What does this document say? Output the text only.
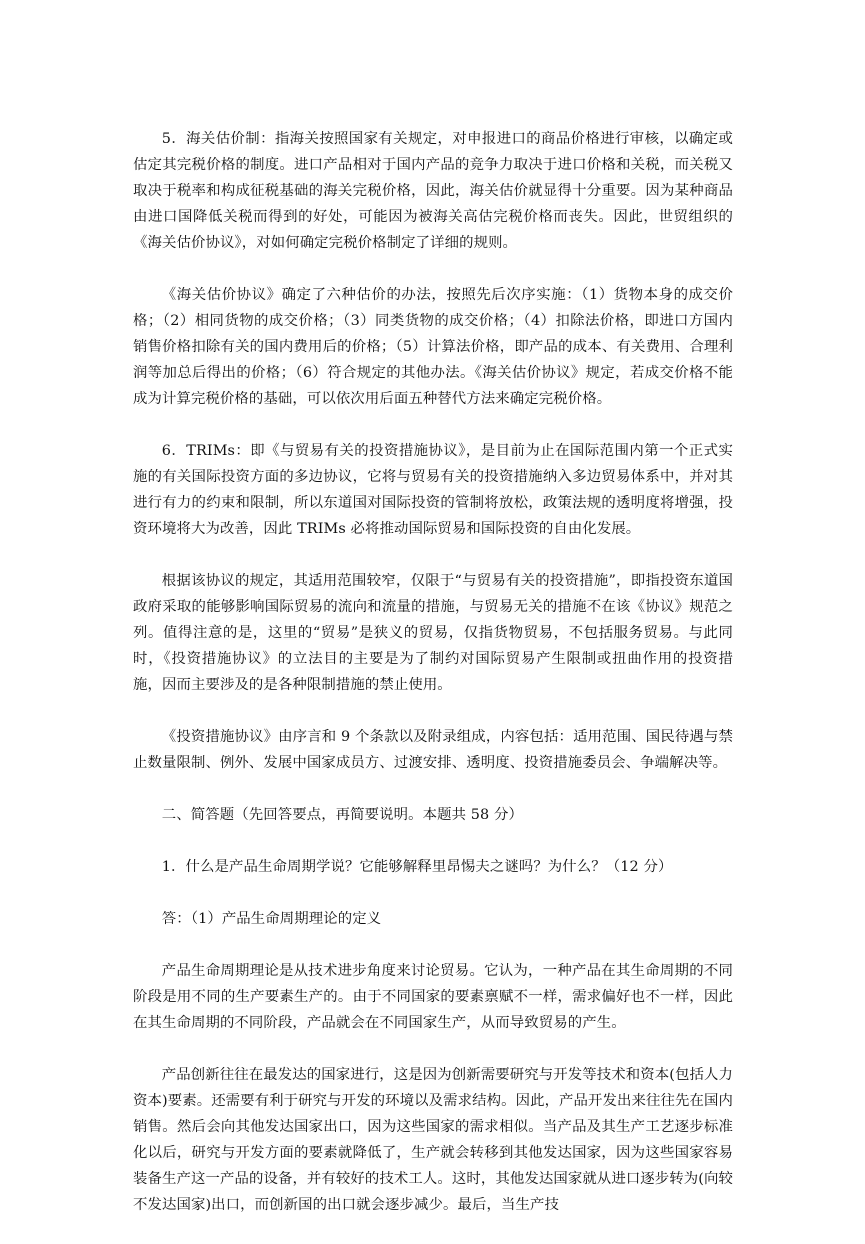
5．海关估价制：指海关按照国家有关规定，对申报进口的商品价格进行审核，以确定或估定其完税价格的制度。进口产品相对于国内产品的竞争力取决于进口价格和关税，而关税又取决于税率和构成征税基础的海关完税价格，因此，海关估价就显得十分重要。因为某种商品由进口国降低关税而得到的好处，可能因为被海关高估完税价格而丧失。因此，世贸组织的《海关估价协议》，对如何确定完税价格制定了详细的规则。

《海关估价协议》确定了六种估价的办法，按照先后次序实施：（1）货物本身的成交价格；（2）相同货物的成交价格；（3）同类货物的成交价格；（4）扣除法价格，即进口方国内销售价格扣除有关的国内费用后的价格；（5）计算法价格，即产品的成本、有关费用、合理利润等加总后得出的价格；（6）符合规定的其他办法。《海关估价协议》规定，若成交价格不能成为计算完税价格的基础，可以依次用后面五种替代方法来确定完税价格。

6．TRIMs：即《与贸易有关的投资措施协议》，是目前为止在国际范围内第一个正式实施的有关国际投资方面的多边协议，它将与贸易有关的投资措施纳入多边贸易体系中，并对其进行有力的约束和限制，所以东道国对国际投资的管制将放松，政策法规的透明度将增强，投资环境将大为改善，因此 TRIMs 必将推动国际贸易和国际投资的自由化发展。

根据该协议的规定，其适用范围较窄，仅限于“与贸易有关的投资措施”，即指投资东道国政府采取的能够影响国际贸易的流向和流量的措施，与贸易无关的措施不在该《协议》规范之列。值得注意的是，这里的“贸易”是狭义的贸易，仅指货物贸易，不包括服务贸易。与此同时，《投资措施协议》的立法目的主要是为了制约对国际贸易产生限制或扭曲作用的投资措施，因而主要涉及的是各种限制措施的禁止使用。

《投资措施协议》由序言和 9 个条款以及附录组成，内容包括：适用范围、国民待遇与禁止数量限制、例外、发展中国家成员方、过渡安排、透明度、投资措施委员会、争端解决等。

二、简答题（先回答要点，再简要说明。本题共 58 分）

1．什么是产品生命周期学说？它能够解释里昂惕夫之谜吗？为什么？（12 分）

答：（1）产品生命周期理论的定义

产品生命周期理论是从技术进步角度来讨论贸易。它认为，一种产品在其生命周期的不同阶段是用不同的生产要素生产的。由于不同国家的要素禀赋不一样，需求偏好也不一样，因此在其生命周期的不同阶段，产品就会在不同国家生产，从而导致贸易的产生。

产品创新往往在最发达的国家进行，这是因为创新需要研究与开发等技术和资本(包括人力资本)要素。还需要有利于研究与开发的环境以及需求结构。因此，产品开发出来往往先在国内销售。然后会向其他发达国家出口，因为这些国家的需求相似。当产品及其生产工艺逐步标准化以后，研究与开发方面的要素就降低了，生产就会转移到其他发达国家，因为这些国家容易装备生产这一产品的设备，并有较好的技术工人。这时，其他发达国家就从进口逐步转为(向较不发达国家)出口，而创新国的出口就会逐步减少。最后，当生产技
